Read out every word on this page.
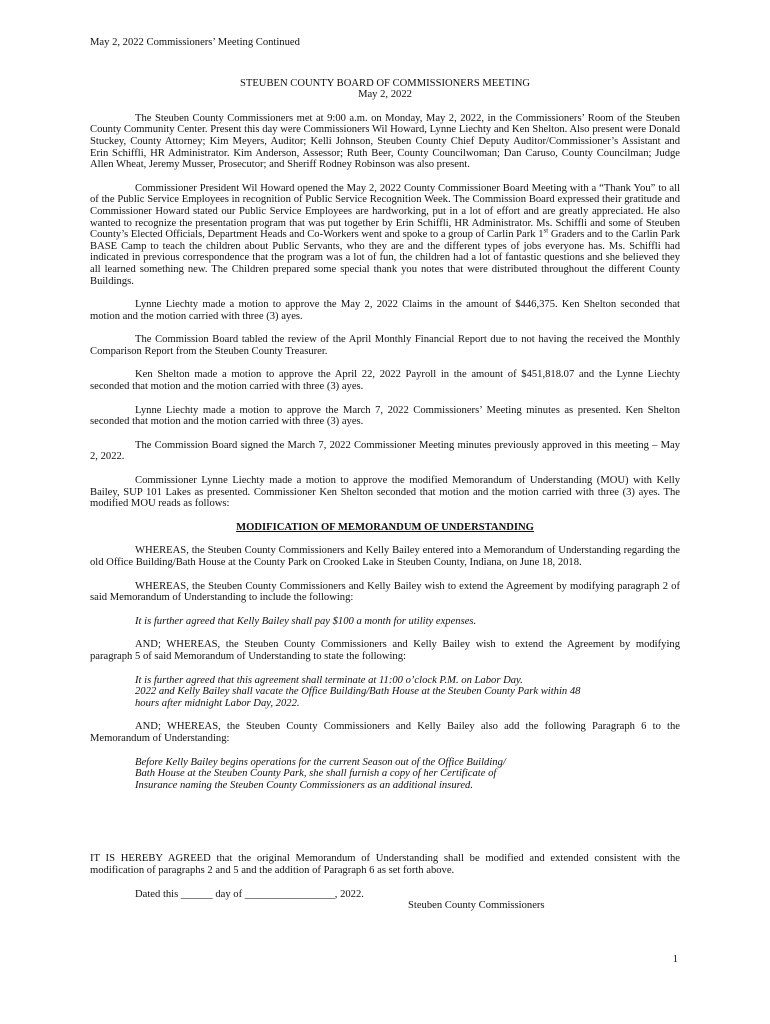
May 2, 2022 Commissioners’ Meeting Continued
STEUBEN COUNTY BOARD OF COMMISSIONERS MEETING
May 2, 2022

The Steuben County Commissioners met at 9:00 a.m. on Monday, May 2, 2022, in the Commissioners’ Room of the Steuben County Community Center. Present this day were Commissioners Wil Howard, Lynne Liechty and Ken Shelton. Also present were Donald Stuckey, County Attorney; Kim Meyers, Auditor; Kelli Johnson, Steuben County Chief Deputy Auditor/Commissioner’s Assistant and Erin Schiffli, HR Administrator. Kim Anderson, Assessor; Ruth Beer, County Councilwoman; Dan Caruso, County Councilman; Judge Allen Wheat, Jeremy Musser, Prosecutor; and Sheriff Rodney Robinson was also present.

Commissioner President Wil Howard opened the May 2, 2022 County Commissioner Board Meeting with a “Thank You” to all of the Public Service Employees in recognition of Public Service Recognition Week. The Commission Board expressed their gratitude and Commissioner Howard stated our Public Service Employees are hardworking, put in a lot of effort and are greatly appreciated. He also wanted to recognize the presentation program that was put together by Erin Schiffli, HR Administrator. Ms. Schiffli and some of Steuben County’s Elected Officials, Department Heads and Co-Workers went and spoke to a group of Carlin Park 1st Graders and to the Carlin Park BASE Camp to teach the children about Public Servants, who they are and the different types of jobs everyone has. Ms. Schiffli had indicated in previous correspondence that the program was a lot of fun, the children had a lot of fantastic questions and she believed they all learned something new. The Children prepared some special thank you notes that were distributed throughout the different County Buildings.

Lynne Liechty made a motion to approve the May 2, 2022 Claims in the amount of $446,375. Ken Shelton seconded that motion and the motion carried with three (3) ayes.

The Commission Board tabled the review of the April Monthly Financial Report due to not having the received the Monthly Comparison Report from the Steuben County Treasurer.

Ken Shelton made a motion to approve the April 22, 2022 Payroll in the amount of $451,818.07 and the Lynne Liechty seconded that motion and the motion carried with three (3) ayes.

Lynne Liechty made a motion to approve the March 7, 2022 Commissioners’ Meeting minutes as presented. Ken Shelton seconded that motion and the motion carried with three (3) ayes.

The Commission Board signed the March 7, 2022 Commissioner Meeting minutes previously approved in this meeting – May 2, 2022.

Commissioner Lynne Liechty made a motion to approve the modified Memorandum of Understanding (MOU) with Kelly Bailey, SUP 101 Lakes as presented. Commissioner Ken Shelton seconded that motion and the motion carried with three (3) ayes. The modified MOU reads as follows:

MODIFICATION OF MEMORANDUM OF UNDERSTANDING

WHEREAS, the Steuben County Commissioners and Kelly Bailey entered into a Memorandum of Understanding regarding the old Office Building/Bath House at the County Park on Crooked Lake in Steuben County, Indiana, on June 18, 2018.

WHEREAS, the Steuben County Commissioners and Kelly Bailey wish to extend the Agreement by modifying paragraph 2 of said Memorandum of Understanding to include the following:

It is further agreed that Kelly Bailey shall pay $100 a month for utility expenses.

AND; WHEREAS, the Steuben County Commissioners and Kelly Bailey wish to extend the Agreement by modifying paragraph 5 of said Memorandum of Understanding to state the following:

It is further agreed that this agreement shall terminate at 11:00 o’clock P.M. on Labor Day.
2022 and Kelly Bailey shall vacate the Office Building/Bath House at the Steuben County Park within 48
hours after midnight Labor Day, 2022.

AND; WHEREAS, the Steuben County Commissioners and Kelly Bailey also add the following Paragraph 6 to the Memorandum of Understanding:

Before Kelly Bailey begins operations for the current Season out of the Office Building/
Bath House at the Steuben County Park, she shall furnish a copy of her Certificate of
Insurance naming the Steuben County Commissioners as an additional insured.

IT IS HEREBY AGREED that the original Memorandum of Understanding shall be modified and extended consistent with the modification of paragraphs 2 and 5 and the addition of Paragraph 6 as set forth above.

Dated this ______ day of _________________, 2022.
Steuben County Commissioners
1
